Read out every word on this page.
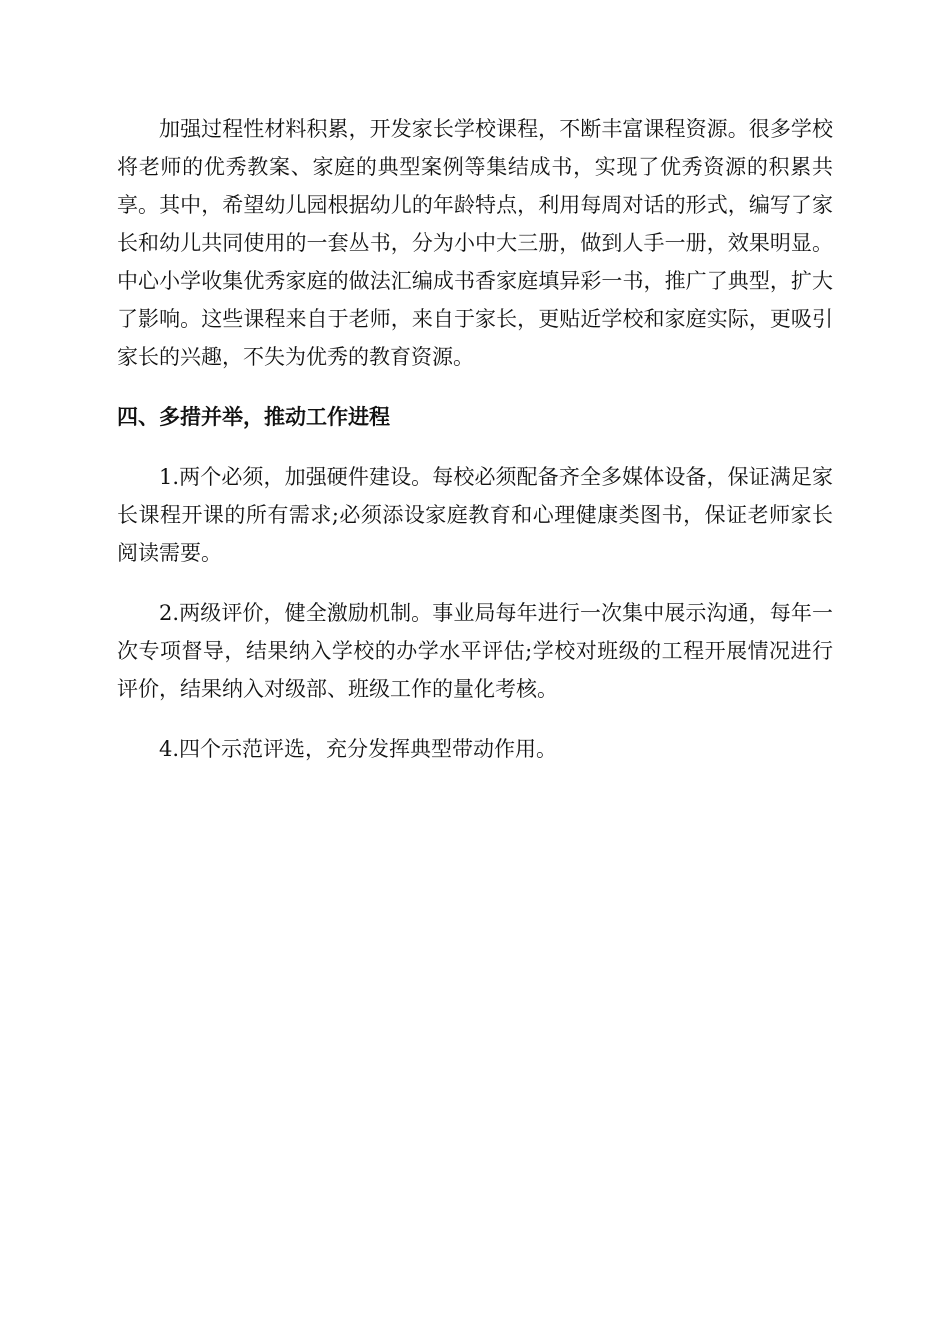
加强过程性材料积累，开发家长学校课程，不断丰富课程资源。很多学校将老师的优秀教案、家庭的典型案例等集结成书，实现了优秀资源的积累共享。其中，希望幼儿园根据幼儿的年龄特点，利用每周对话的形式，编写了家长和幼儿共同使用的一套丛书，分为小中大三册，做到人手一册，效果明显。中心小学收集优秀家庭的做法汇编成书香家庭填异彩一书，推广了典型，扩大了影响。这些课程来自于老师，来自于家长，更贴近学校和家庭实际，更吸引家长的兴趣，不失为优秀的教育资源。

四、多措并举，推动工作进程

1.两个必须，加强硬件建设。每校必须配备齐全多媒体设备，保证满足家长课程开课的所有需求;必须添设家庭教育和心理健康类图书，保证老师家长阅读需要。

2.两级评价，健全激励机制。事业局每年进行一次集中展示沟通，每年一次专项督导，结果纳入学校的办学水平评估;学校对班级的工程开展情况进行评价，结果纳入对级部、班级工作的量化考核。

4.四个示范评选，充分发挥典型带动作用。
